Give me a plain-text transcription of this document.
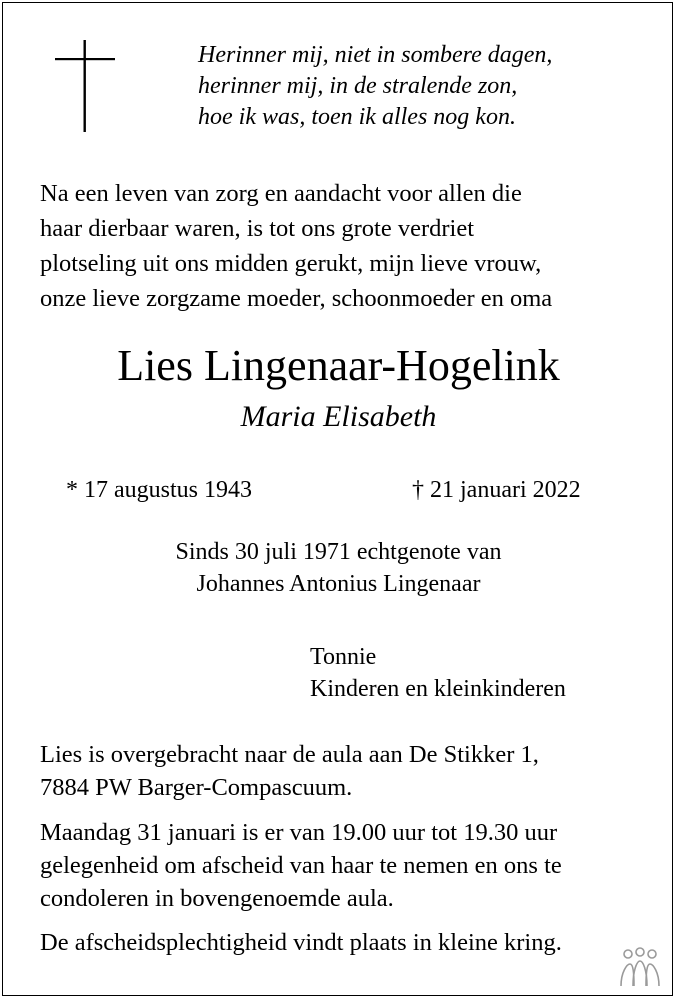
Herinner mij, niet in sombere dagen,
herinner mij, in de stralende zon,
hoe ik was, toen ik alles nog kon.
Na een leven van zorg en aandacht voor allen die
haar dierbaar waren, is tot ons grote verdriet
plotseling uit ons midden gerukt, mijn lieve vrouw,
onze lieve zorgzame moeder, schoonmoeder en oma
Lies Lingenaar-Hogelink
Maria Elisabeth
* 17 augustus 1943	† 21 januari 2022
Sinds 30 juli 1971 echtgenote van
Johannes Antonius Lingenaar
Tonnie
Kinderen en kleinkinderen
Lies is overgebracht naar de aula aan De Stikker 1,
7884 PW Barger-Compascuum.
Maandag 31 januari is er van 19.00 uur tot 19.30 uur
gelegenheid om afscheid van haar te nemen en ons te
condoleren in bovengenoemde aula.
De afscheidsplechtigheid vindt plaats in kleine kring.
